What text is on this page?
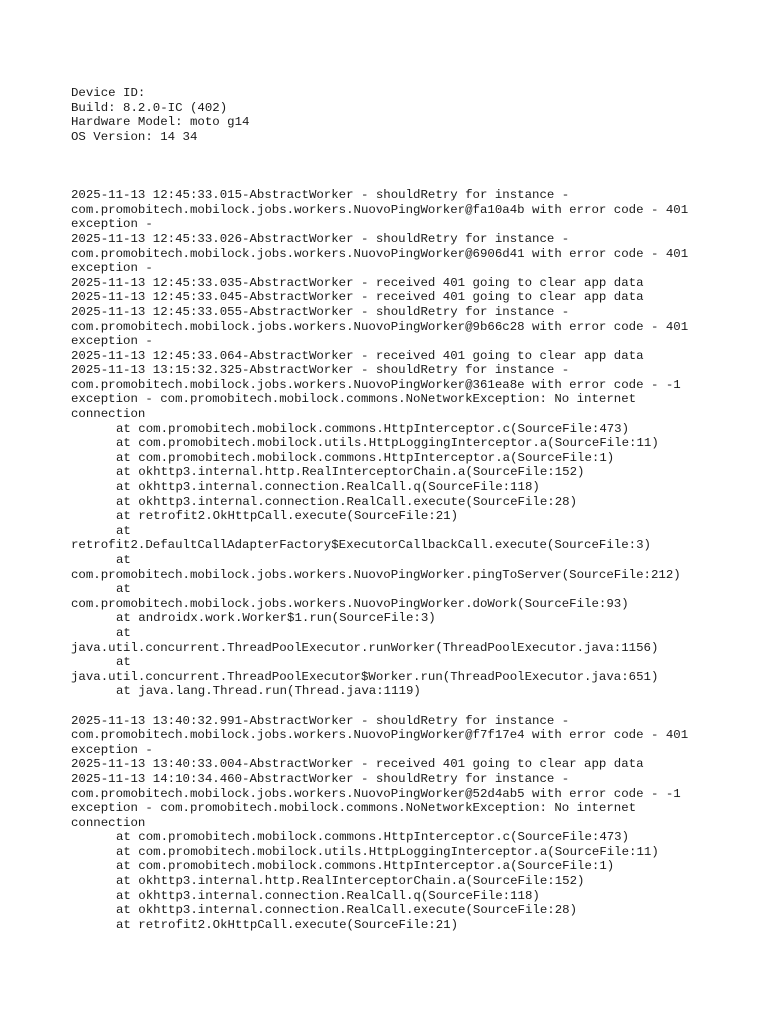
Device ID:
Build: 8.2.0-IC (402)
Hardware Model: moto g14
OS Version: 14 34
2025-11-13 12:45:33.015-AbstractWorker - shouldRetry for instance -
com.promobitech.mobilock.jobs.workers.NuovoPingWorker@fa10a4b with error code - 401
exception -
2025-11-13 12:45:33.026-AbstractWorker - shouldRetry for instance -
com.promobitech.mobilock.jobs.workers.NuovoPingWorker@6906d41 with error code - 401
exception -
2025-11-13 12:45:33.035-AbstractWorker - received 401 going to clear app data
2025-11-13 12:45:33.045-AbstractWorker - received 401 going to clear app data
2025-11-13 12:45:33.055-AbstractWorker - shouldRetry for instance -
com.promobitech.mobilock.jobs.workers.NuovoPingWorker@9b66c28 with error code - 401
exception -
2025-11-13 12:45:33.064-AbstractWorker - received 401 going to clear app data
2025-11-13 13:15:32.325-AbstractWorker - shouldRetry for instance -
com.promobitech.mobilock.jobs.workers.NuovoPingWorker@361ea8e with error code - -1
exception - com.promobitech.mobilock.commons.NoNetworkException: No internet
connection
at com.promobitech.mobilock.commons.HttpInterceptor.c(SourceFile:473)
at com.promobitech.mobilock.utils.HttpLoggingInterceptor.a(SourceFile:11)
at com.promobitech.mobilock.commons.HttpInterceptor.a(SourceFile:1)
at okhttp3.internal.http.RealInterceptorChain.a(SourceFile:152)
at okhttp3.internal.connection.RealCall.q(SourceFile:118)
at okhttp3.internal.connection.RealCall.execute(SourceFile:28)
at retrofit2.OkHttpCall.execute(SourceFile:21)
at
retrofit2.DefaultCallAdapterFactory$ExecutorCallbackCall.execute(SourceFile:3)
at
com.promobitech.mobilock.jobs.workers.NuovoPingWorker.pingToServer(SourceFile:212)
at
com.promobitech.mobilock.jobs.workers.NuovoPingWorker.doWork(SourceFile:93)
at androidx.work.Worker$1.run(SourceFile:3)
at
java.util.concurrent.ThreadPoolExecutor.runWorker(ThreadPoolExecutor.java:1156)
at
java.util.concurrent.ThreadPoolExecutor$Worker.run(ThreadPoolExecutor.java:651)
at java.lang.Thread.run(Thread.java:1119)
2025-11-13 13:40:32.991-AbstractWorker - shouldRetry for instance -
com.promobitech.mobilock.jobs.workers.NuovoPingWorker@f7f17e4 with error code - 401
exception -
2025-11-13 13:40:33.004-AbstractWorker - received 401 going to clear app data
2025-11-13 14:10:34.460-AbstractWorker - shouldRetry for instance -
com.promobitech.mobilock.jobs.workers.NuovoPingWorker@52d4ab5 with error code - -1
exception - com.promobitech.mobilock.commons.NoNetworkException: No internet
connection
at com.promobitech.mobilock.commons.HttpInterceptor.c(SourceFile:473)
at com.promobitech.mobilock.utils.HttpLoggingInterceptor.a(SourceFile:11)
at com.promobitech.mobilock.commons.HttpInterceptor.a(SourceFile:1)
at okhttp3.internal.http.RealInterceptorChain.a(SourceFile:152)
at okhttp3.internal.connection.RealCall.q(SourceFile:118)
at okhttp3.internal.connection.RealCall.execute(SourceFile:28)
at retrofit2.OkHttpCall.execute(SourceFile:21)
